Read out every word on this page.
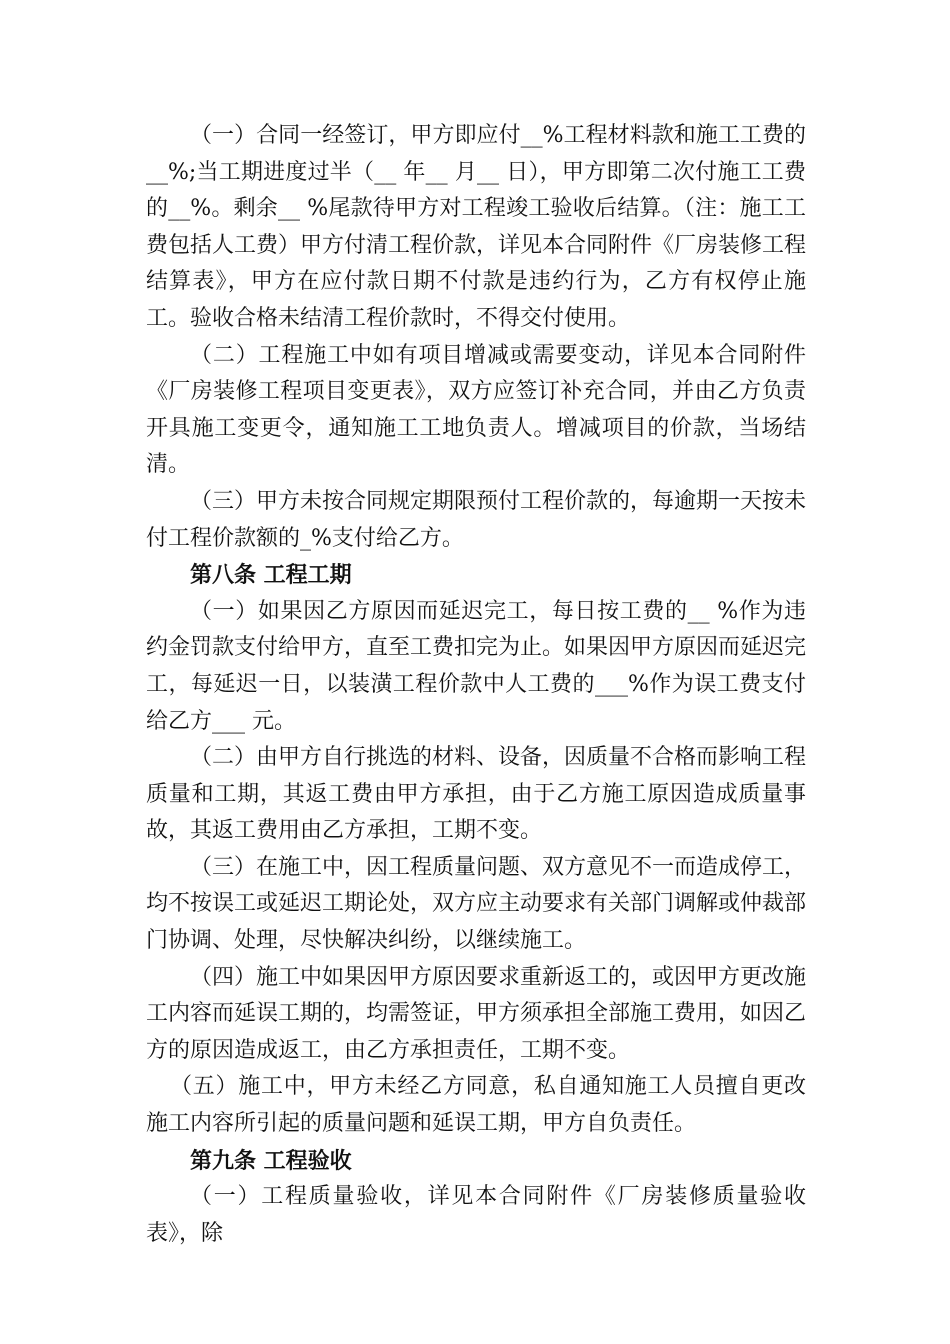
（一）合同一经签订，甲方即应付__%工程材料款和施工工费的__%;当工期进度过半（__ 年__ 月__ 日），甲方即第二次付施工工费的__%。剩余__ %尾款待甲方对工程竣工验收后结算。（注：施工工费包括人工费）甲方付清工程价款，详见本合同附件《厂房装修工程结算表》，甲方在应付款日期不付款是违约行为，乙方有权停止施工。验收合格未结清工程价款时，不得交付使用。

（二）工程施工中如有项目增减或需要变动，详见本合同附件《厂房装修工程项目变更表》，双方应签订补充合同，并由乙方负责开具施工变更令，通知施工工地负责人。增减项目的价款，当场结清。

（三）甲方未按合同规定期限预付工程价款的，每逾期一天按未付工程价款额的_%支付给乙方。

第八条 工程工期

（一）如果因乙方原因而延迟完工，每日按工费的__ %作为违约金罚款支付给甲方，直至工费扣完为止。如果因甲方原因而延迟完工，每延迟一日，以装潢工程价款中人工费的___%作为误工费支付给乙方___ 元。

（二）由甲方自行挑选的材料、设备，因质量不合格而影响工程质量和工期，其返工费由甲方承担，由于乙方施工原因造成质量事故，其返工费用由乙方承担，工期不变。

（三）在施工中，因工程质量问题、双方意见不一而造成停工，均不按误工或延迟工期论处，双方应主动要求有关部门调解或仲裁部门协调、处理，尽快解决纠纷，以继续施工。

（四）施工中如果因甲方原因要求重新返工的，或因甲方更改施工内容而延误工期的，均需签证，甲方须承担全部施工费用，如因乙方的原因造成返工，由乙方承担责任，工期不变。

（五）施工中，甲方未经乙方同意，私自通知施工人员擅自更改施工内容所引起的质量问题和延误工期，甲方自负责任。

第九条 工程验收

（一）工程质量验收，详见本合同附件《厂房装修质量验收表》，除
